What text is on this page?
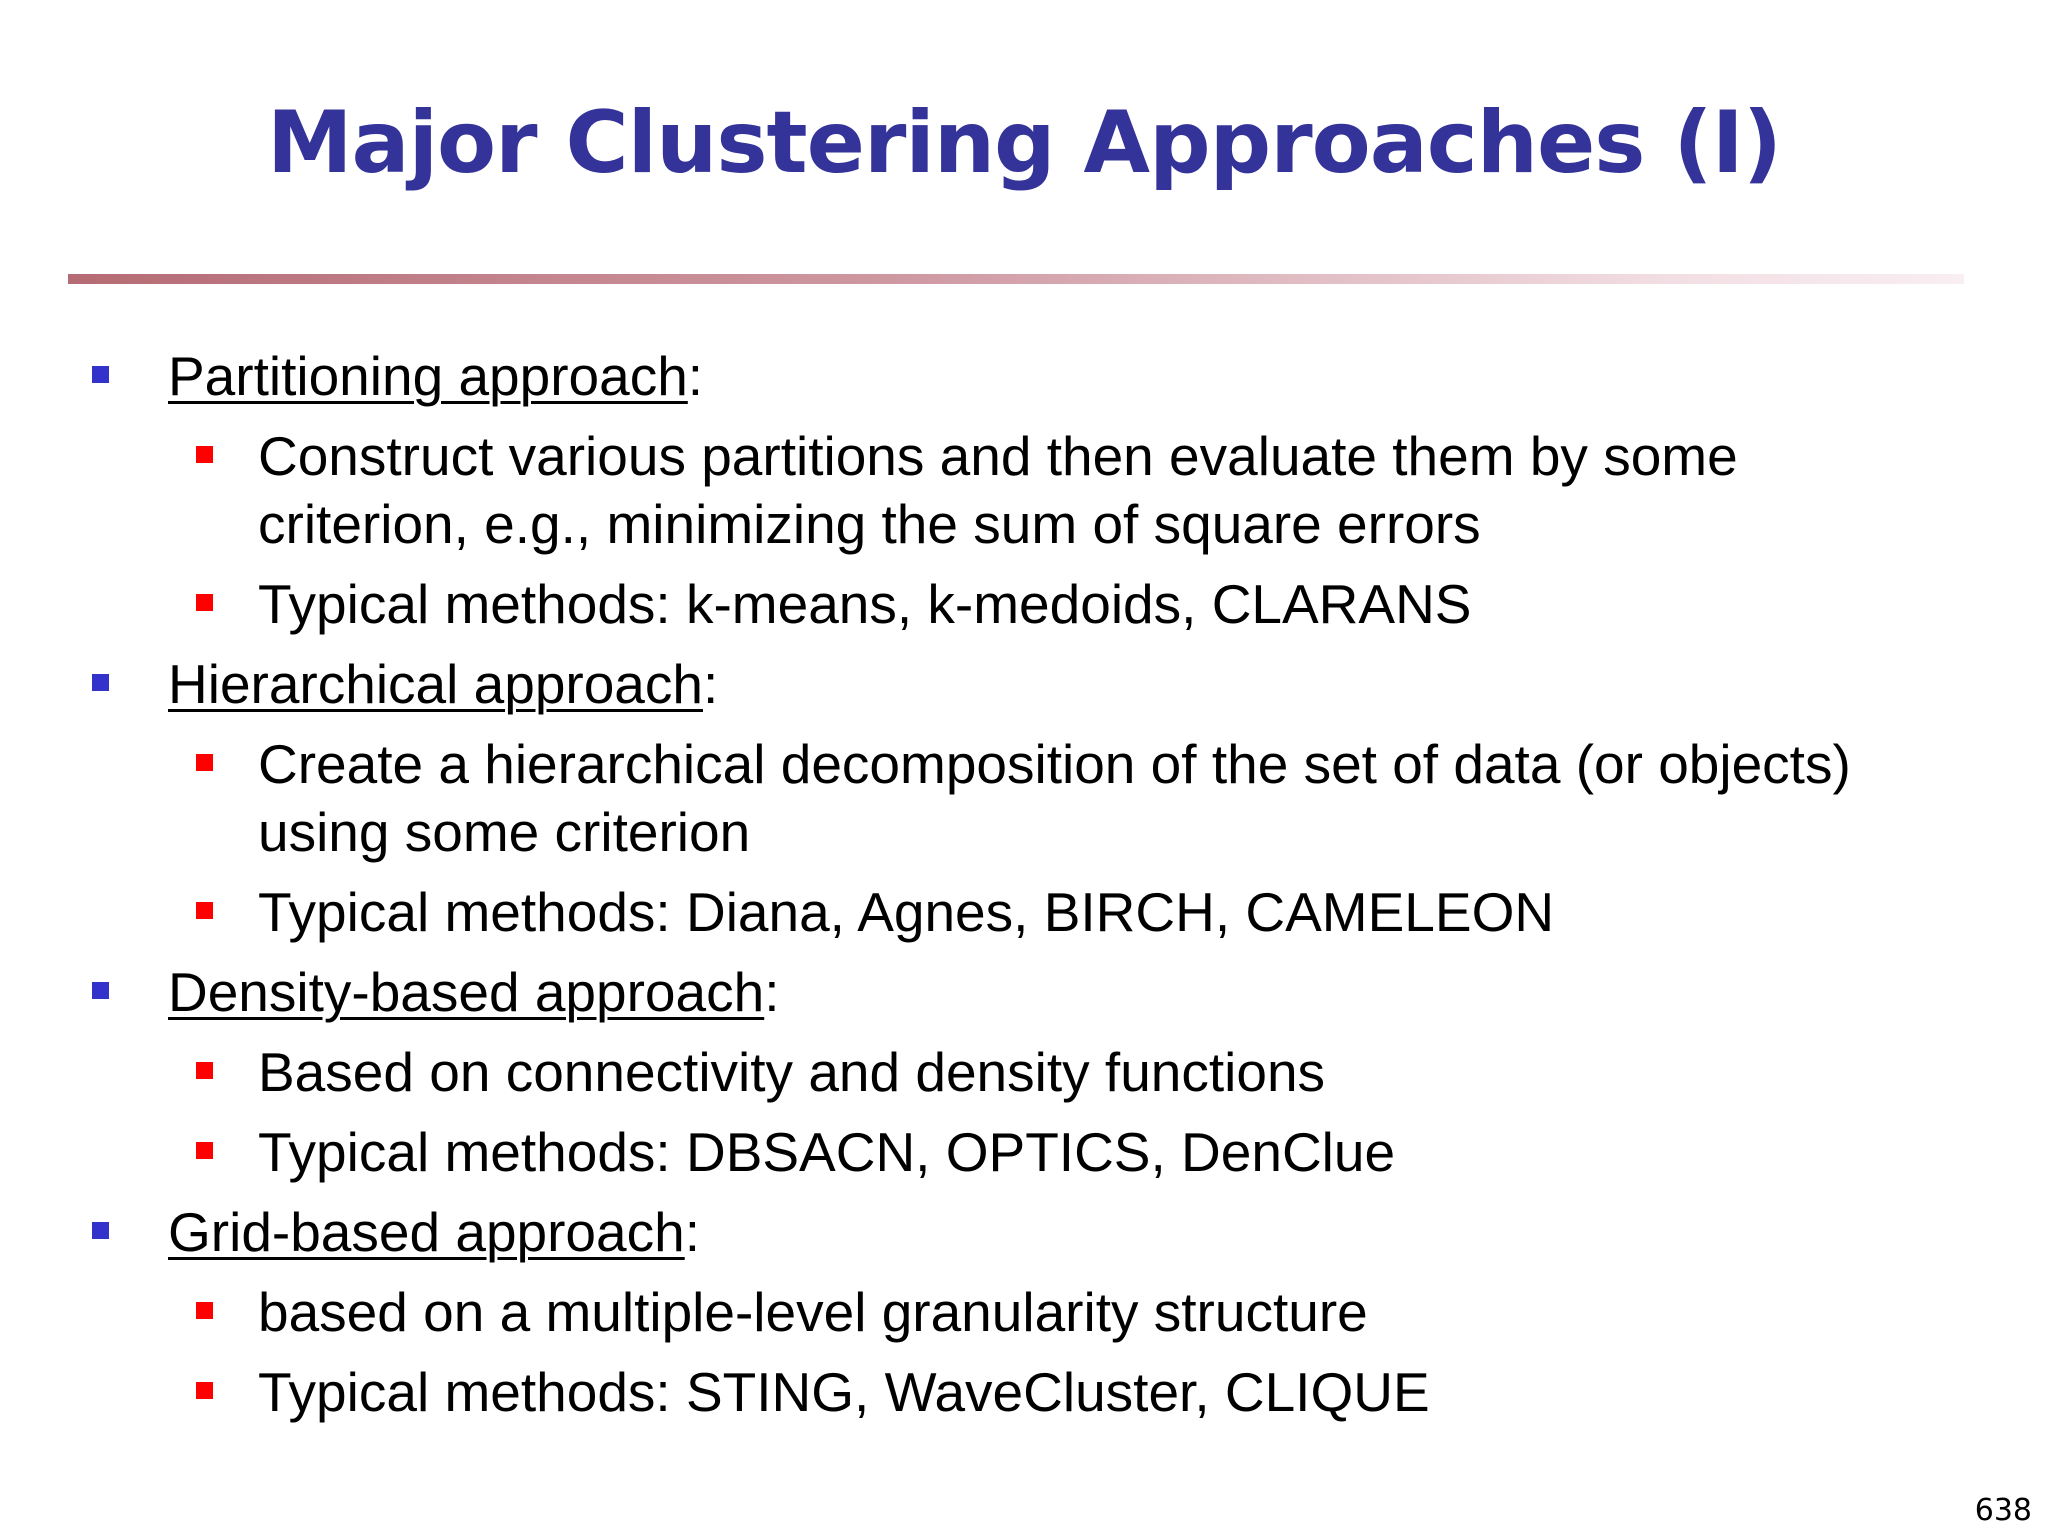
Major Clustering Approaches (I)
Partitioning approach:
Construct various partitions and then evaluate them by some
criterion, e.g., minimizing the sum of square errors
Typical methods: k-means, k-medoids, CLARANS
Hierarchical approach:
Create a hierarchical decomposition of the set of data (or objects)
using some criterion
Typical methods: Diana, Agnes, BIRCH, CAMELEON
Density-based approach:
Based on connectivity and density functions
Typical methods: DBSACN, OPTICS, DenClue
Grid-based approach:
based on a multiple-level granularity structure
Typical methods: STING, WaveCluster, CLIQUE
638
